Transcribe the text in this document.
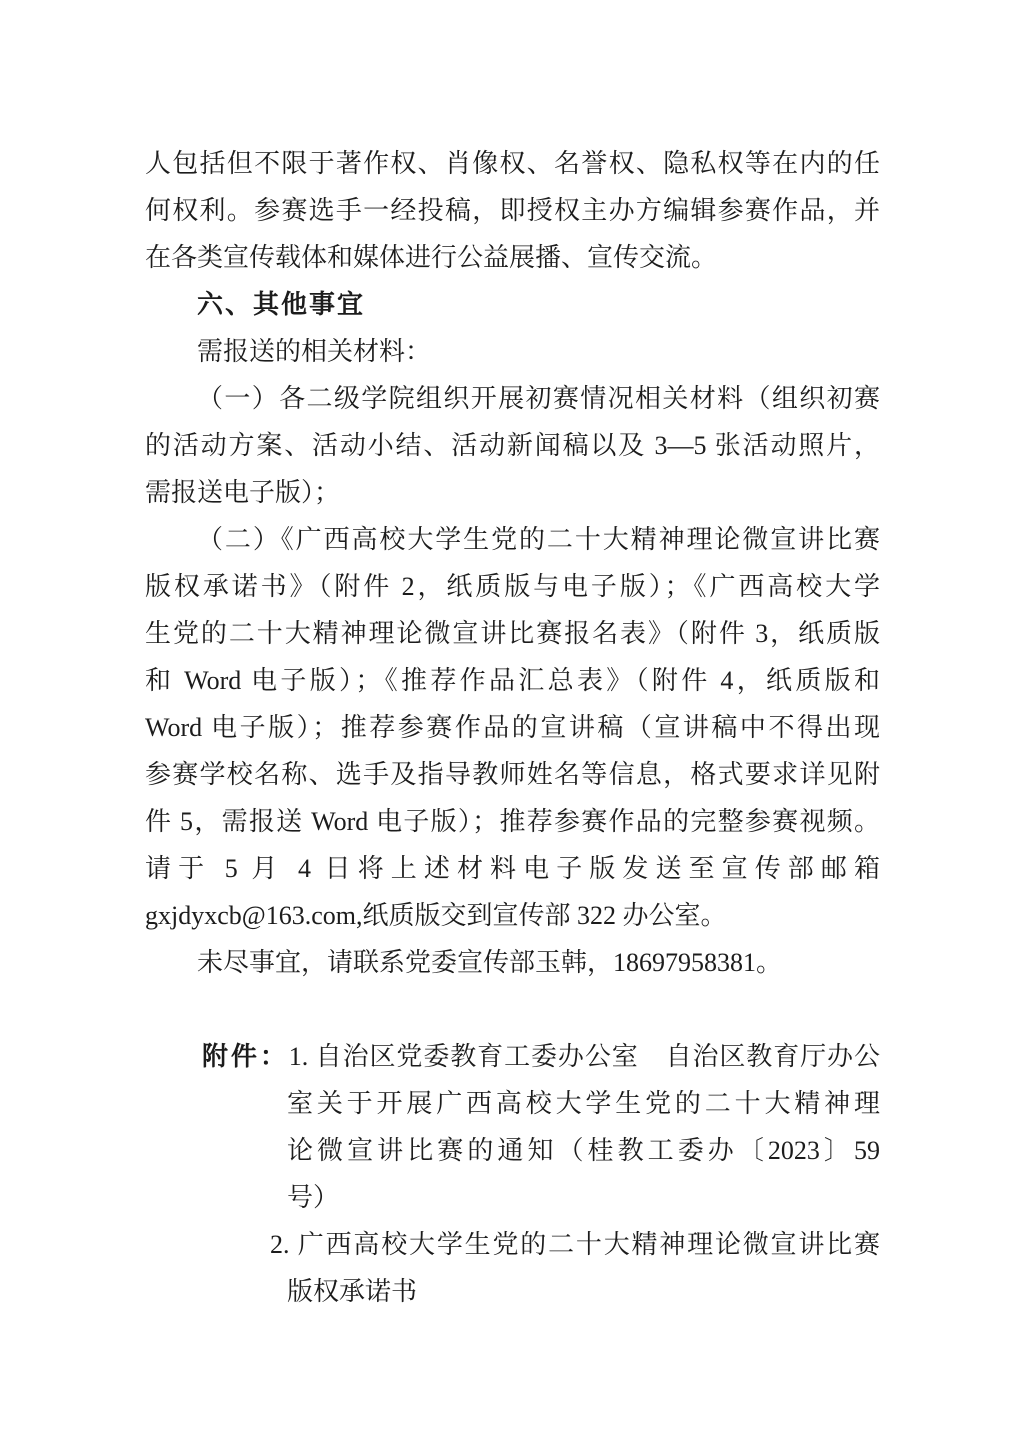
人包括但不限于著作权、肖像权、名誉权、隐私权等在内的任
何权利。参赛选手一经投稿，即授权主办方编辑参赛作品，并
在各类宣传载体和媒体进行公益展播、宣传交流。
六、其他事宜
需报送的相关材料：
（一）各二级学院组织开展初赛情况相关材料（组织初赛
的活动方案、活动小结、活动新闻稿以及 3—5 张活动照片，
需报送电子版）；
（二）《广西高校大学生党的二十大精神理论微宣讲比赛
版权承诺书》（附件 2，纸质版与电子版）；《广西高校大学
生党的二十大精神理论微宣讲比赛报名表》（附件 3，纸质版
和 Word 电子版）；《推荐作品汇总表》（附件 4，纸质版和
Word 电子版）；推荐参赛作品的宣讲稿（宣讲稿中不得出现
参赛学校名称、选手及指导教师姓名等信息，格式要求详见附
件 5，需报送 Word 电子版）；推荐参赛作品的完整参赛视频。
请于 5 月 4 日将上述材料电子版发送至宣传部邮箱
gxjdyxcb@163.com,纸质版交到宣传部 322 办公室。
未尽事宜，请联系党委宣传部玉韩，18697958381。
附件：1. 自治区党委教育工委办公室　自治区教育厅办公
室关于开展广西高校大学生党的二十大精神理
论微宣讲比赛的通知（桂教工委办〔2023〕59
号）
2. 广西高校大学生党的二十大精神理论微宣讲比赛
版权承诺书
